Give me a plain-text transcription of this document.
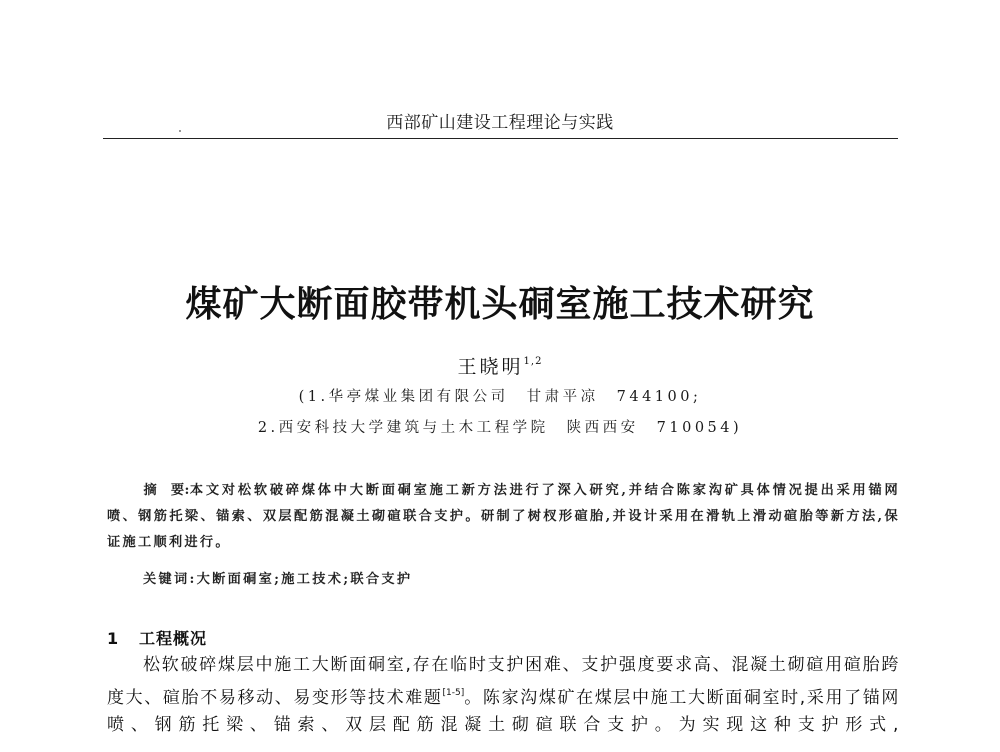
西部矿山建设工程理论与实践
煤矿大断面胶带机头硐室施工技术研究
王晓明$^{1,2}$
(1.华亭煤业集团有限公司　甘肃平凉　744100;
2.西安科技大学建筑与土木工程学院　陕西西安　710054)
摘　要:本文对松软破碎煤体中大断面硐室施工新方法进行了深入研究,并结合陈家沟矿具体情况提出采用锚网喷、钢筋托梁、锚索、双层配筋混凝土砌碹联合支护。研制了树杈形碹胎,并设计采用在滑轨上滑动碹胎等新方法,保证施工顺利进行。
关键词:大断面硐室;施工技术;联合支护
1 工程概况

松软破碎煤层中施工大断面硐室,存在临时支护困难、支护强度要求高、混凝土砌碹用碹胎跨度大、碹胎不易移动、易变形等技术难题[1-5]。陈家沟煤矿在煤层中施工大断面硐室时,采用了锚网喷、钢筋托梁、锚索、双层配筋混凝土砌碹联合支护。为实现这种支护形式,
